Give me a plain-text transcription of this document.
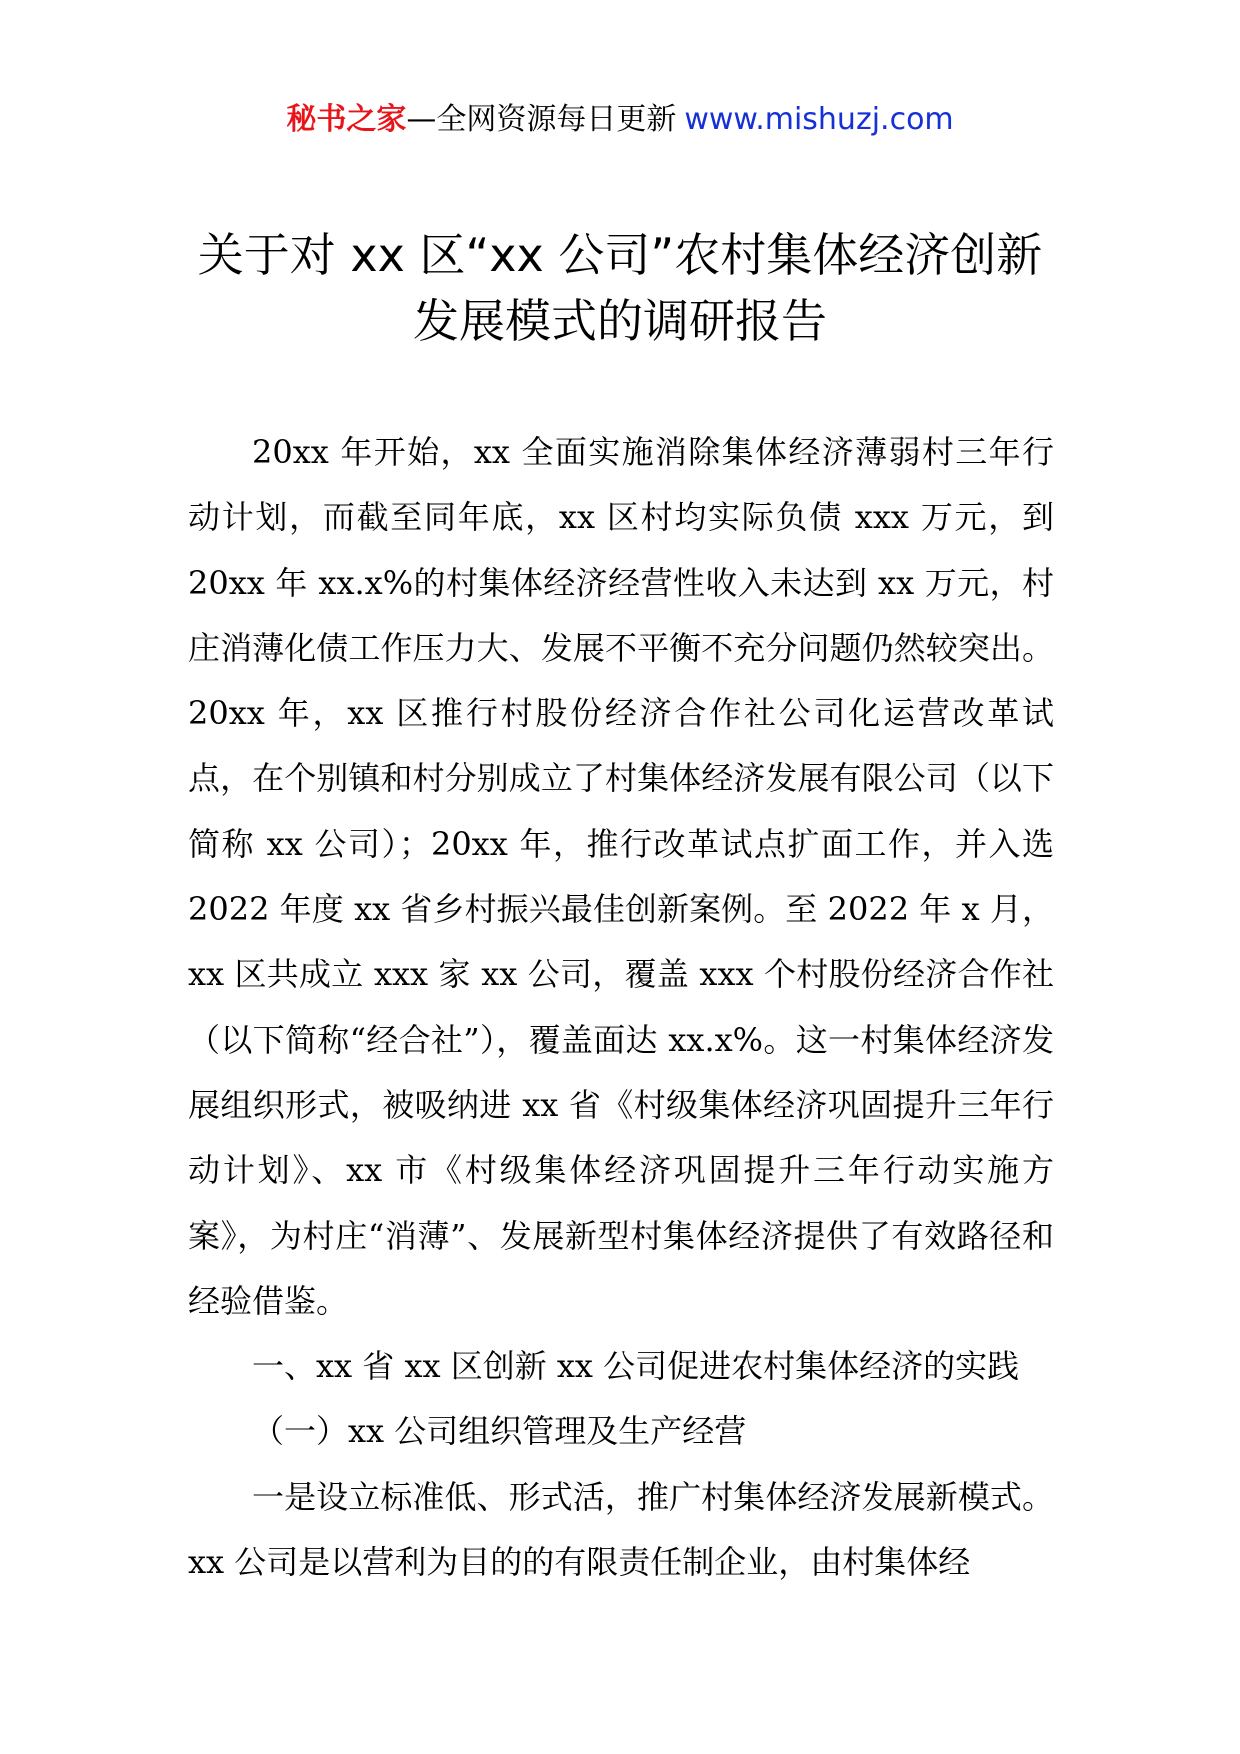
秘书之家—全网资源每日更新 www.mishuzj.com
关于对 xx 区“xx 公司”农村集体经济创新
发展模式的调研报告

20xx 年开始，xx 全面实施消除集体经济薄弱村三年行动计划，而截至同年底，xx 区村均实际负债 xxx 万元，到 20xx 年 xx.x%的村集体经济经营性收入未达到 xx 万元，村庄消薄化债工作压力大、发展不平衡不充分问题仍然较突出。20xx 年，xx 区推行村股份经济合作社公司化运营改革试点，在个别镇和村分别成立了村集体经济发展有限公司（以下简称 xx 公司）；20xx 年，推行改革试点扩面工作，并入选 2022 年度 xx 省乡村振兴最佳创新案例。至 2022 年 x 月，xx 区共成立 xxx 家 xx 公司，覆盖 xxx 个村股份经济合作社（以下简称“经合社”），覆盖面达 xx.x%。这一村集体经济发展组织形式，被吸纳进 xx 省《村级集体经济巩固提升三年行动计划》、xx 市《村级集体经济巩固提升三年行动实施方案》，为村庄“消薄”、发展新型村集体经济提供了有效路径和经验借鉴。

一、xx 省 xx 区创新 xx 公司促进农村集体经济的实践

（一）xx 公司组织管理及生产经营

一是设立标准低、形式活，推广村集体经济发展新模式。xx 公司是以营利为目的的有限责任制企业，由村集体经
